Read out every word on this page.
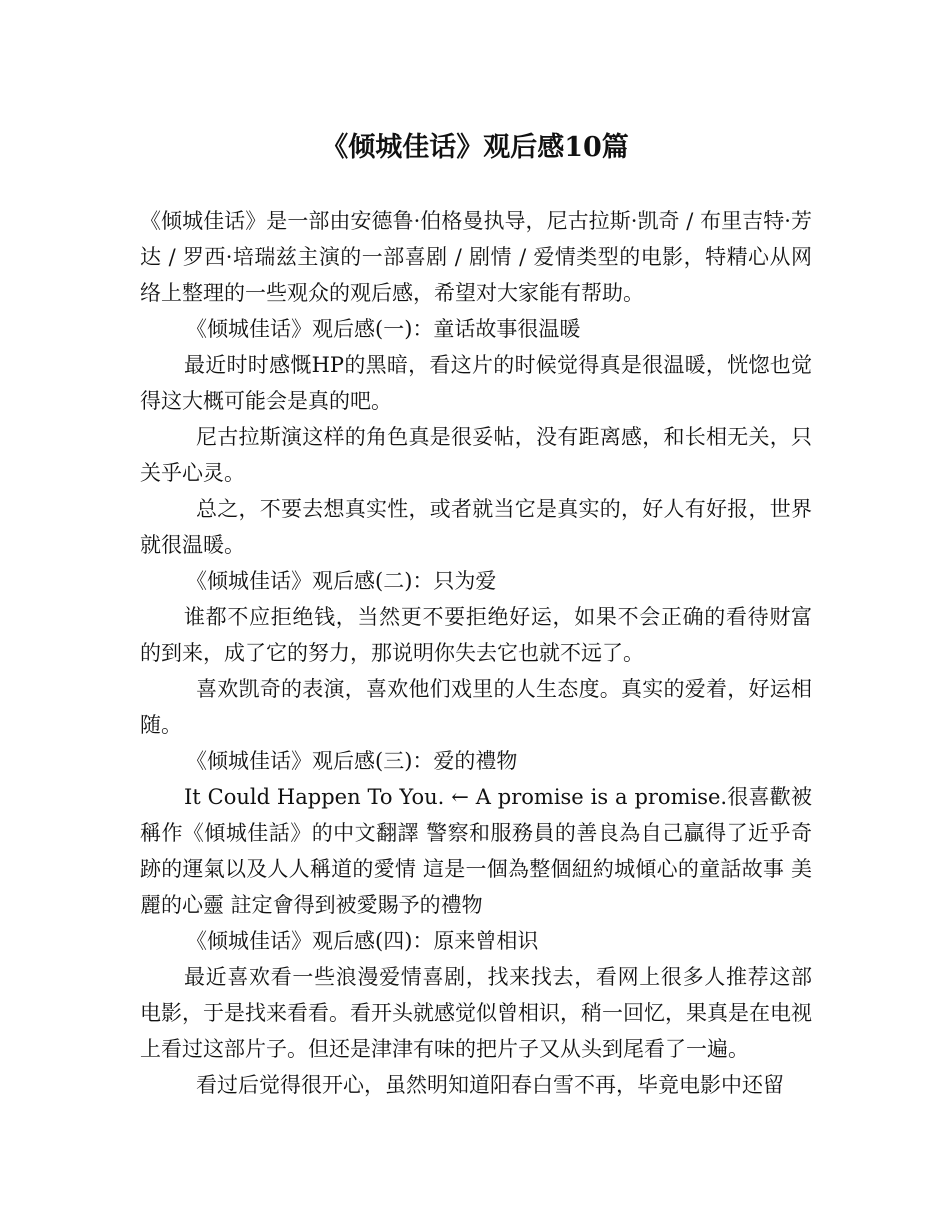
《倾城佳话》观后感10篇

《倾城佳话》是一部由安德鲁·伯格曼执导，尼古拉斯·凯奇 / 布里吉特·芳达 / 罗西·培瑞兹主演的一部喜剧 / 剧情 / 爱情类型的电影，特精心从网络上整理的一些观众的观后感，希望对大家能有帮助。

《倾城佳话》观后感(一)：童话故事很温暖

最近时时感慨HP的黑暗，看这片的时候觉得真是很温暖，恍惚也觉得这大概可能会是真的吧。

尼古拉斯演这样的角色真是很妥帖，没有距离感，和长相无关，只关乎心灵。

总之，不要去想真实性，或者就当它是真实的，好人有好报，世界就很温暖。

《倾城佳话》观后感(二)：只为爱

谁都不应拒绝钱，当然更不要拒绝好运，如果不会正确的看待财富的到来，成了它的努力，那说明你失去它也就不远了。

喜欢凯奇的表演，喜欢他们戏里的人生态度。真实的爱着，好运相随。

《倾城佳话》观后感(三)：爱的禮物

It Could Happen To You. ← A promise is a promise.很喜歡被稱作《傾城佳話》的中文翻譯 警察和服務員的善良為自己贏得了近乎奇跡的運氣以及人人稱道的愛情 這是一個為整個紐約城傾心的童話故事 美麗的心靈 註定會得到被愛賜予的禮物

《倾城佳话》观后感(四)：原来曾相识

最近喜欢看一些浪漫爱情喜剧，找来找去，看网上很多人推荐这部电影，于是找来看看。看开头就感觉似曾相识，稍一回忆，果真是在电视上看过这部片子。但还是津津有味的把片子又从头到尾看了一遍。

看过后觉得很开心，虽然明知道阳春白雪不再，毕竟电影中还留
